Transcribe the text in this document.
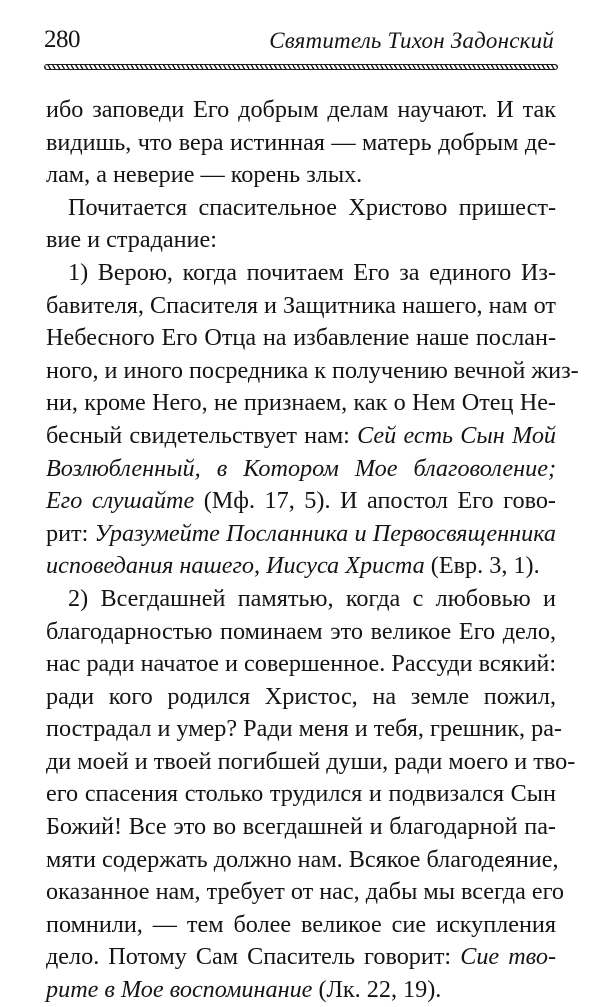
280	Святитель Тихон Задонский
ибо заповеди Его добрым делам научают. И так
видишь, что вера истинная — матерь добрым де-
лам, а неверие — корень злых.
Почитается спасительное Христово пришест-
вие и страдание:
1) Верою, когда почитаем Его за единого Из-
бавителя, Спасителя и Защитника нашего, нам от
Небесного Его Отца на избавление наше послан-
ного, и иного посредника к получению вечной жиз-
ни, кроме Него, не признаем, как о Нем Отец Не-
бесный свидетельствует нам: Сей есть Сын Мой
Возлюбленный, в Котором Мое благоволение;
Его слушайте (Мф. 17, 5). И апостол Его гово-
рит: Уразумейте Посланника и Первосвященника
исповедания нашего, Иисуса Христа (Евр. 3, 1).
2) Всегдашней памятью, когда с любовью и
благодарностью поминаем это великое Его дело,
нас ради начатое и совершенное. Рассуди всякий:
ради кого родился Христос, на земле пожил,
пострадал и умер? Ради меня и тебя, грешник, ра-
ди моей и твоей погибшей души, ради моего и тво-
его спасения столько трудился и подвизался Сын
Божий! Все это во всегдашней и благодарной па-
мяти содержать должно нам. Всякое благодеяние,
оказанное нам, требует от нас, дабы мы всегда его
помнили, — тем более великое сие искупления
дело. Потому Сам Спаситель говорит: Сие тво-
рите в Мое воспоминание (Лк. 22, 19).
